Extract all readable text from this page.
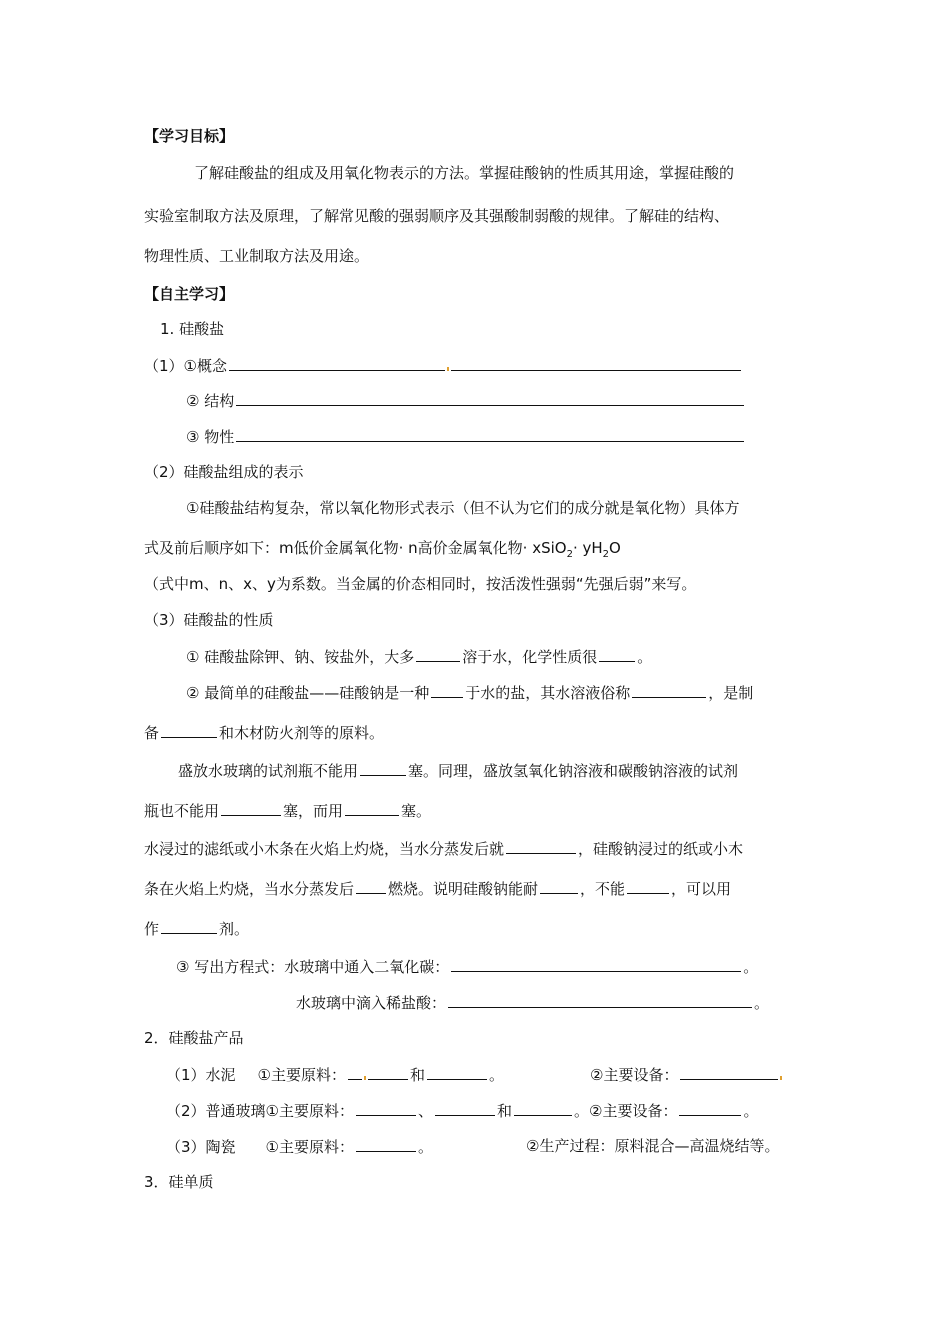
【学习目标】
了解硅酸盐的组成及用氧化物表示的方法。掌握硅酸钠的性质其用途，掌握硅酸的
实验室制取方法及原理，了解常见酸的强弱顺序及其强酸制弱酸的规律。了解硅的结构、
物理性质、工业制取方法及用途。
【自主学习】
1. 硅酸盐
（1）①概念
② 结构
③ 物性
（2）硅酸盐组成的表示
①硅酸盐结构复杂，常以氧化物形式表示（但不认为它们的成分就是氧化物）具体方
式及前后顺序如下：m低价金属氧化物· n高价金属氧化物· xSiO$_2$· $yH_2O$
（式中m、n、x、y为系数。当金属的价态相同时，按活泼性强弱“先强后弱”来写。
（3）硅酸盐的性质
① 硅酸盐除钾、钠、铵盐外，大多	溶于水，化学性质很	。
② 最简单的硅酸盐——硅酸钠是一种 于水的盐，其水溶液俗称	，是制
备	和木材防火剂等的原料。
盛放水玻璃的试剂瓶不能用	塞。同理，盛放氢氧化钠溶液和碳酸钠溶液的试剂
瓶也不能用	塞，而用	塞。
水浸过的滤纸或小木条在火焰上灼烧，当水分蒸发后就	，硅酸钠浸过的纸或小木
条在火焰上灼烧，当水分蒸发后 燃烧。说明硅酸钠能耐	，不能	，可以用
作	剂。
③ 写出方程式：水玻璃中通入二氧化碳：	。
水玻璃中滴入稀盐酸：	。
2．硅酸盐产品
（1）水泥 ①主要原料：	和	。	②主要设备：
（2）普通玻璃①主要原料：	、	和	。②主要设备：	。
（3）陶瓷 ①主要原料：	。	②生产过程：原料混合—高温烧结等。
3．硅单质
